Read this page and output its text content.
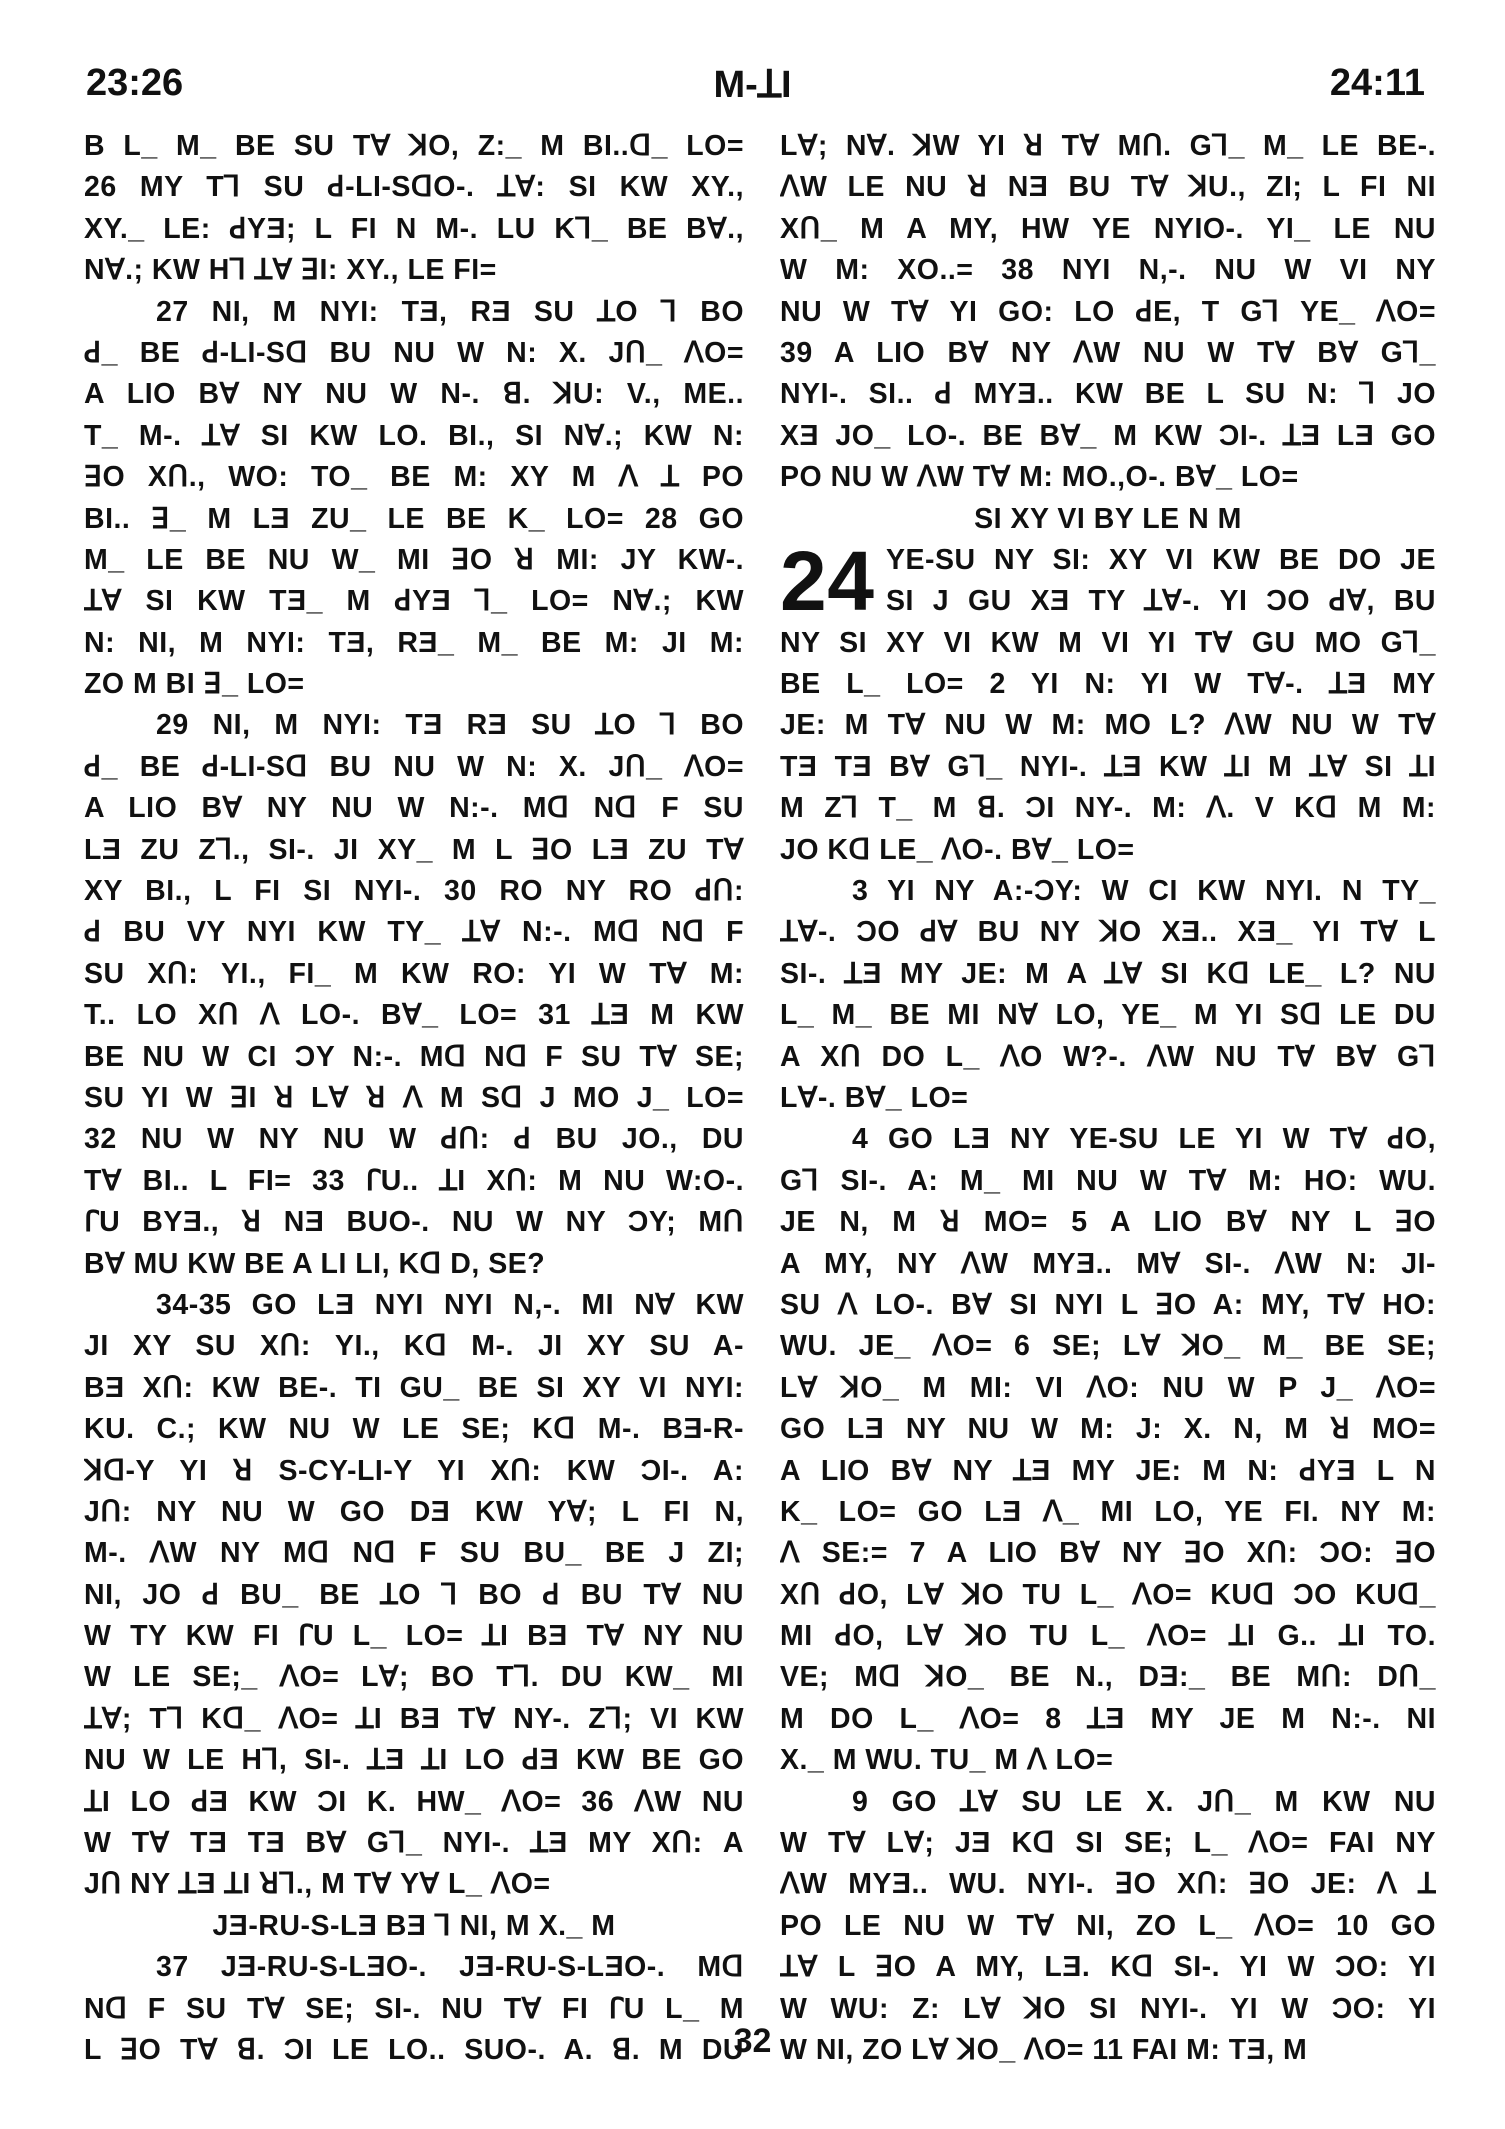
23:26	M-ꓕI	24:11
B L_ M_ BE SU Tꓯ ꓘO, Z:_ M BI..ꓷ_ LO=
26 MY Tꓶ SU ꓒ-LI-SꓷO-. ꓕꓯ: SI KW XY.,
XY._ LE: ꓒYƎ; L FI N M-. LU Kꓶ_ BE Bꓯ.,
Nꓯ.; KW Hꓶ ꓕꓯ ꓱI: XY., LE FI=
27 NI, M NYI: TƎ, RƎ SU ꓕO ꓶ BO
ꓒ_ BE ꓒ-LI-Sꓷ BU NU W N: X. Jꓵ_ ꓥO=
A LIO Bꓯ NY NU W N-. ꓭ. ꓘU: V., ME..
T_ M-. ꓕꓯ SI KW LO. BI., SI Nꓯ.; KW N:
ꓱO Xꓵ., WO: TO_ BE M: XY M ꓥ ꓕ PO
BI.. ꓱ_ M LƎ ZU_ LE BE K_ LO= 28 GO
M_ LE BE NU W_ MI ꓱO ꓤ MI: JY KW-.
ꓕꓯ SI KW TƎ_ M ꓒYƎ ꓶ_ LO= Nꓯ.; KW
N: NI, M NYI: TƎ, RƎ_ M_ BE M: JI M:
ZO M BI ꓱ_ LO=
29 NI, M NYI: TƎ RƎ SU ꓕO ꓶ BO
ꓒ_ BE ꓒ-LI-Sꓷ BU NU W N: X. Jꓵ_ ꓥO=
A LIO Bꓯ NY NU W N:-. Mꓷ Nꓷ F SU
LƎ ZU Zꓶ., SI-. JI XY_ M L ꓱO LƎ ZU Tꓯ
XY BI., L FI SI NYI-. 30 RO NY RO ꓒꓵ:
ꓒ BU VY NYI KW TY_ ꓕꓯ N:-. Mꓷ Nꓷ F
SU Xꓵ: YI., FI_ M KW RO: YI W Tꓯ M:
T.. LO Xꓵ ꓥ LO-. Bꓯ_ LO= 31 ꓕƎ M KW
BE NU W CI ƆY N:-. Mꓷ Nꓷ F SU Tꓯ SE;
SU YI W ꓱI ꓤ Lꓯ ꓤ ꓥ M Sꓷ J MO J_ LO=
32 NU W NY NU W ꓒꓵ: ꓒ BU JO., DU
Tꓯ BI.. L FI= 33 ꓩU.. ꓕI Xꓵ: M NU W:O-.
ꓩU BYƎ., ꓤ NƎ BUO-. NU W NY ƆY; Mꓵ
Bꓯ MU KW BE A LI LI, Kꓷ D, SE?
34-35 GO LƎ NYI NYI N,-. MI Nꓯ KW
JI XY SU Xꓵ: YI., Kꓷ M-. JI XY SU A-
BƎ Xꓵ: KW BE-. TI GU_ BE SI XY VI NYI:
KU. C.; KW NU W LE SE; Kꓷ M-. BƎ-R-
ꓘꓷ-Y YI ꓤ S-CY-LI-Y YI Xꓵ: KW ƆI-. A:
Jꓵ: NY NU W GO DƎ KW Yꓯ; L FI N,
M-. ꓥW NY Mꓷ Nꓷ F SU BU_ BE J ZI;
NI, JO ꓒ BU_ BE ꓕO ꓶ BO ꓒ BU Tꓯ NU
W TY KW FI ꓩU L_ LO= ꓕI BƎ Tꓯ NY NU
W LE SE;_ ꓥO= Lꓯ; BO Tꓶ. DU KW_ MI
ꓕꓯ; Tꓶ Kꓷ_ ꓥO= ꓕI BƎ Tꓯ NY-. Zꓶ; VI KW
NU W LE Hꓶ, SI-. ꓕƎ ꓕI LO ꓒƎ KW BE GO
ꓕI LO ꓒƎ KW ƆI K. HW_ ꓥO= 36 ꓥW NU
W Tꓯ TƎ TƎ Bꓯ Gꓶ_ NYI-. ꓕƎ MY Xꓵ: A
Jꓵ NY ꓕƎ ꓕI ꓤꓶ., M Tꓯ Yꓯ L_ ꓥO=
JƎ-RU-S-LƎ BƎ ꓶ NI, M X._ M
37 JƎ-RU-S-LƎO-. JƎ-RU-S-LƎO-. Mꓷ
Nꓷ F SU Tꓯ SE; SI-. NU Tꓯ FI ꓩU L_ M
L ꓱO Tꓯ ꓭ. ƆI LE LO.. SUO-. A. ꓭ. M DU
Lꓯ; Nꓯ. ꓘW YI ꓤ Tꓯ Mꓵ. Gꓶ_ M_ LE BE-.
ꓥW LE NU ꓤ NƎ BU Tꓯ ꓘU., ZI; L FI NI
Xꓵ_ M A MY, HW YE NYIO-. YI_ LE NU
W M: XO..= 38 NYI N,-. NU W VI NY
NU W Tꓯ YI GO: LO ꓒE, T Gꓶ YE_ ꓥO=
39 A LIO Bꓯ NY ꓥW NU W Tꓯ Bꓯ Gꓶ_
NYI-. SI.. ꓒ MYƎ.. KW BE L SU N: ꓶ JO
XƎ JO_ LO-. BE Bꓯ_ M KW ƆI-. ꓕƎ LƎ GO
PO NU W ꓥW Tꓯ M: MO.,O-. Bꓯ_ LO=
SI XY VI BY LE N M
24 YE-SU NY SI: XY VI KW BE DO JE
SI J GU XƎ TY ꓕꓯ-. YI ƆO ꓒꓯ, BU
NY SI XY VI KW M VI YI Tꓯ GU MO Gꓶ_
BE L_ LO= 2 YI N: YI W Tꓯ-. ꓕƎ MY
JE: M Tꓯ NU W M: MO L? ꓥW NU W Tꓯ
TƎ TƎ Bꓯ Gꓶ_ NYI-. ꓕƎ KW ꓕI M ꓕꓯ SI ꓕI
M Zꓶ T_ M ꓭ. ƆI NY-. M: ꓥ. V Kꓷ M M:
JO Kꓷ LE_ ꓥO-. Bꓯ_ LO=
3 YI NY A:-ƆY: W CI KW NYI. N TY_
ꓕꓯ-. ƆO ꓒꓯ BU NY ꓘO XƎ.. XƎ_ YI Tꓯ L
SI-. ꓕƎ MY JE: M A ꓕꓯ SI Kꓷ LE_ L? NU
L_ M_ BE MI Nꓯ LO, YE_ M YI Sꓷ LE DU
A Xꓵ DO L_ ꓥO W?-. ꓥW NU Tꓯ Bꓯ Gꓶ
Lꓯ-. Bꓯ_ LO=
4 GO LƎ NY YE-SU LE YI W Tꓯ ꓒO,
Gꓶ SI-. A: M_ MI NU W Tꓯ M: HO: WU.
JE N, M ꓤ MO= 5 A LIO Bꓯ NY L ꓱO
A MY, NY ꓥW MYƎ.. Mꓯ SI-. ꓥW N: JI-
SU ꓥ LO-. Bꓯ SI NYI L ꓱO A: MY, Tꓯ HO:
WU. JE_ ꓥO= 6 SE; Lꓯ ꓘO_ M_ BE SE;
Lꓯ ꓘO_ M MI: VI ꓥO: NU W P J_ ꓥO=
GO LƎ NY NU W M: J: X. N, M ꓤ MO=
A LIO Bꓯ NY ꓕƎ MY JE: M N: ꓒYƎ L N
K_ LO= GO LƎ ꓥ_ MI LO, YE FI. NY M:
ꓥ SE:= 7 A LIO Bꓯ NY ꓱO Xꓵ: ƆO: ꓱO
Xꓵ ꓒO, Lꓯ ꓘO TU L_ ꓥO= KUꓷ ƆO KUꓷ_
MI ꓒO, Lꓯ ꓘO TU L_ ꓥO= ꓕI G.. ꓕI TO.
VE; Mꓷ ꓘO_ BE N., DƎ:_ BE Mꓵ: Dꓵ_
M DO L_ ꓥO= 8 ꓕƎ MY JE M N:-. NI
X._ M WU. TU_ M ꓥ LO=
9 GO ꓕꓯ SU LE X. Jꓵ_ M KW NU
W Tꓯ Lꓯ; JƎ Kꓷ SI SE; L_ ꓥO= FAI NY
ꓥW MYƎ.. WU. NYI-. ꓱO Xꓵ: ꓱO JE: ꓥ ꓕ
PO LE NU W Tꓯ NI, ZO L_ ꓥO= 10 GO
ꓕꓯ L ꓱO A MY, LƎ. Kꓷ SI-. YI W ƆO: YI
W WU: Z: Lꓯ ꓘO SI NYI-. YI W ƆO: YI
W NI, ZO Lꓯ ꓘO_ ꓥO= 11 FAI M: TƎ, M
32
